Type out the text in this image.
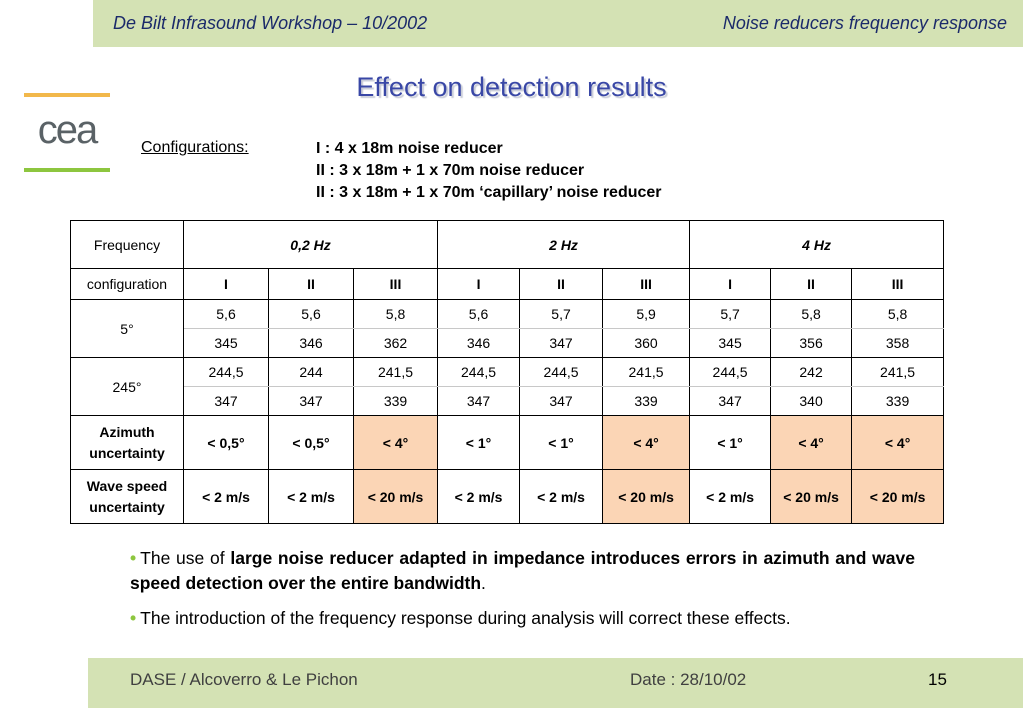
De Bilt Infrasound Workshop – 10/2002	Noise reducers frequency response
cea
Effect on detection results
Configurations:	I : 4 x 18m noise reducer
II : 3 x 18m + 1 x 70m noise reducer
II : 3 x 18m + 1 x 70m ‘capillary’ noise reducer
Frequency	0,2 Hz			2 Hz			4 Hz		
configuration	I	II	III	I	II	III	I	II	III
5°	5,6	5,6	5,8	5,6	5,7	5,9	5,7	5,8	5,8
	345	346	362	346	347	360	345	356	358
245°	244,5	244	241,5	244,5	244,5	241,5	244,5	242	241,5
	347	347	339	347	347	339	347	340	339

Azimuth
uncertainty	< 0,5°	< 0,5°	< 4°	< 1°	< 1°	< 4°	< 1°	< 4°	< 4°

Wave speed
uncertainty	< 2 m/s	< 2 m/s	< 20 m/s	< 2 m/s	< 2 m/s	< 20 m/s	< 2 m/s	< 20 m/s	< 20 m/s

• The use of large noise reducer adapted in impedance introduces errors in azimuth and wave speed detection over the entire bandwidth.

• The introduction of the frequency response during analysis will correct these effects.

DASE / Alcoverro & Le Pichon	Date : 28/10/02	15
